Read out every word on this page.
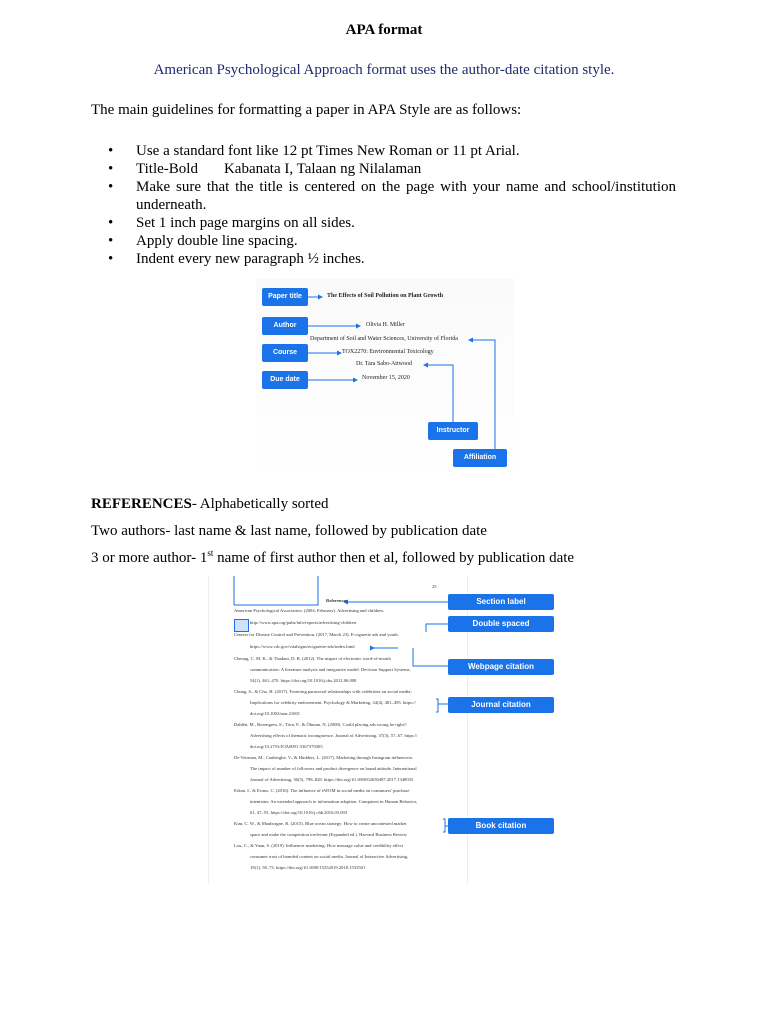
APA format
American Psychological Approach format uses the author-date citation style.
The main guidelines for formatting a paper in APA Style are as follows:
• Use a standard font like 12 pt Times New Roman or 11 pt Arial.
• Title-Bold Kabanata I, Talaan ng Nilalaman
• Make sure that the title is centered on the page with your name and school/institution underneath.
• Set 1 inch page margins on all sides.
• Apply double line spacing.
• Indent every new paragraph ½ inches.
Paper title
Author
Course
Due date
Instructor
Affiliation
The Effects of Soil Pollution on Plant Growth
Olivia H. Miller
Department of Soil and Water Sciences, University of Florida
TOX2270: Environmental Toxicology
Dr. Tara Sabo-Attwood
November 15, 2020
REFERENCES- Alphabetically sorted
Two authors- last name & last name, followed by publication date
3 or more author- 1st name of first author then et al, followed by publication date
25
References
American Psychological Association. (2004, February). Advertising and children.
http://www.apa.org/pubs/info/reports/advertising-children
Centers for Disease Control and Prevention. (2017, March 23). E-cigarette ads and youth.
https://www.cdc.gov/vitalsigns/ecigarette-ads/index.html
Cheung, C. M. K., & Thadani, D. R. (2012). The impact of electronic word-of-mouth
communication: A literature analysis and integrative model. Decision Support Systems,
54(1), 461–470. https://doi.org/10.1016/j.dss.2012.06.008
Chung, S., & Cho, H. (2017). Fostering parasocial relationships with celebrities on social media:
Implications for celebrity endorsement. Psychology & Marketing, 34(4), 481–495. https://
doi.org/10.1002/mar.21001
Dahlén, M., Rosengren, S., Törn, F., & Öhman, N. (2008). Could placing ads wrong be right?:
Advertising effects of thematic incongruence. Journal of Advertising, 37(3), 57–67. https://
doi.org/10.2753/JOA0091-3367370305
De Veirman, M., Cauberghe, V., & Hudders, L. (2017). Marketing through Instagram influencers:
The impact of number of followers and product divergence on brand attitude. International
Journal of Advertising, 36(5), 798–828. https://doi.org/10.1080/02650487.2017.1348035
Erkan, I., & Evans, C. (2016). The influence of eWOM in social media on consumers' purchase
intentions: An extended approach to information adoption. Computers in Human Behavior,
61, 47–55. https://doi.org/10.1016/j.chb.2016.03.003
Kim, C. W., & Mauborgne, R. (2015). Blue ocean strategy: How to create uncontested market
space and make the competition irrelevant (Expanded ed.). Harvard Business Review
Lou, C., & Yuan, S. (2019). Influencer marketing: How message value and credibility affect
consumer trust of branded content on social media. Journal of Interactive Advertising,
19(1), 58–73. https://doi.org/10.1080/15252019.2018.1533501
Section label
Double spaced
Webpage citation
Journal citation
Book citation
